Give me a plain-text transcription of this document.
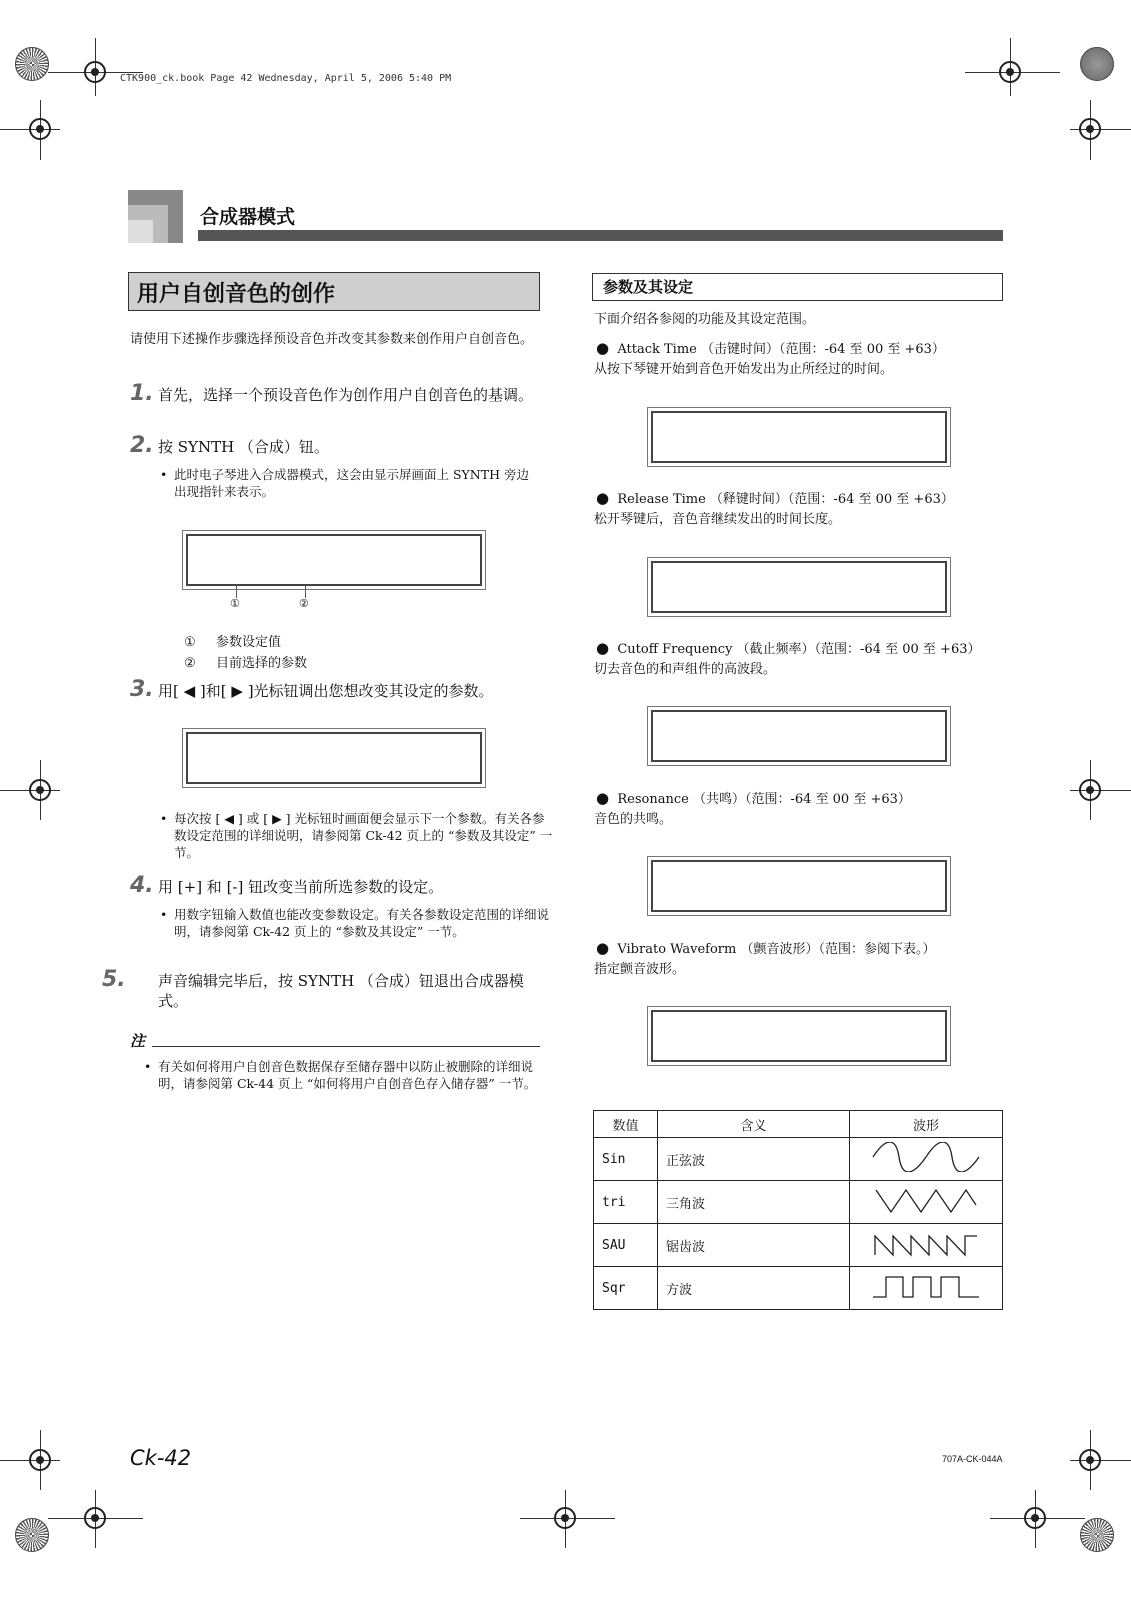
CTK900_ck.book Page 42 Wednesday, April 5, 2006 5:40 PM
合成器模式
用户自创音色的创作
请使用下述操作步骤选择预设音色并改变其参数来创作用户自创音色。
1. 首先，选择一个预设音色作为创作用户自创音色的基调。
2. 按 SYNTH （合成）钮。
• 此时电子琴进入合成器模式，这会由显示屏画面上 SYNTH 旁边出现指针来表示。

①	②
① 参数设定值
② 目前选择的参数
3. 用[ ◀ ]和[ ▶ ]光标钮调出您想改变其设定的参数。

• 每次按 [ ◀ ] 或 [ ▶ ] 光标钮时画面便会显示下一个参数。有关各参数设定范围的详细说明，请参阅第 Ck-42 页上的 “参数及其设定” 一节。
4. 用 [+] 和 [-] 钮改变当前所选参数的设定。
• 用数字钮输入数值也能改变参数设定。有关各参数设定范围的详细说明，请参阅第 Ck-42 页上的 “参数及其设定” 一节。
5. 声音编辑完毕后，按 SYNTH （合成）钮退出合成器模式。
注
• 有关如何将用户自创音色数据保存至储存器中以防止被删除的详细说明，请参阅第 Ck-44 页上 “如何将用户自创音色存入储存器” 一节。
参数及其设定
下面介绍各参阅的功能及其设定范围。
● Attack Time （击键时间）（范围：-64 至 00 至 +63）
从按下琴键开始到音色开始发出为止所经过的时间。

● Release Time （释键时间）（范围：-64 至 00 至 +63）
松开琴键后，音色音继续发出的时间长度。

● Cutoff Frequency （截止频率）（范围：-64 至 00 至 +63）
切去音色的和声组件的高波段。

● Resonance （共鸣）（范围：-64 至 00 至 +63）
音色的共鸣。

● Vibrato Waveform （颤音波形）（范围：参阅下表。）
指定颤音波形。

数值	含义	波形
Sin	正弦波	
tri	三角波	
SAU	锯齿波	
Sqr	方波	
Ck-42	707A-CK-044A
